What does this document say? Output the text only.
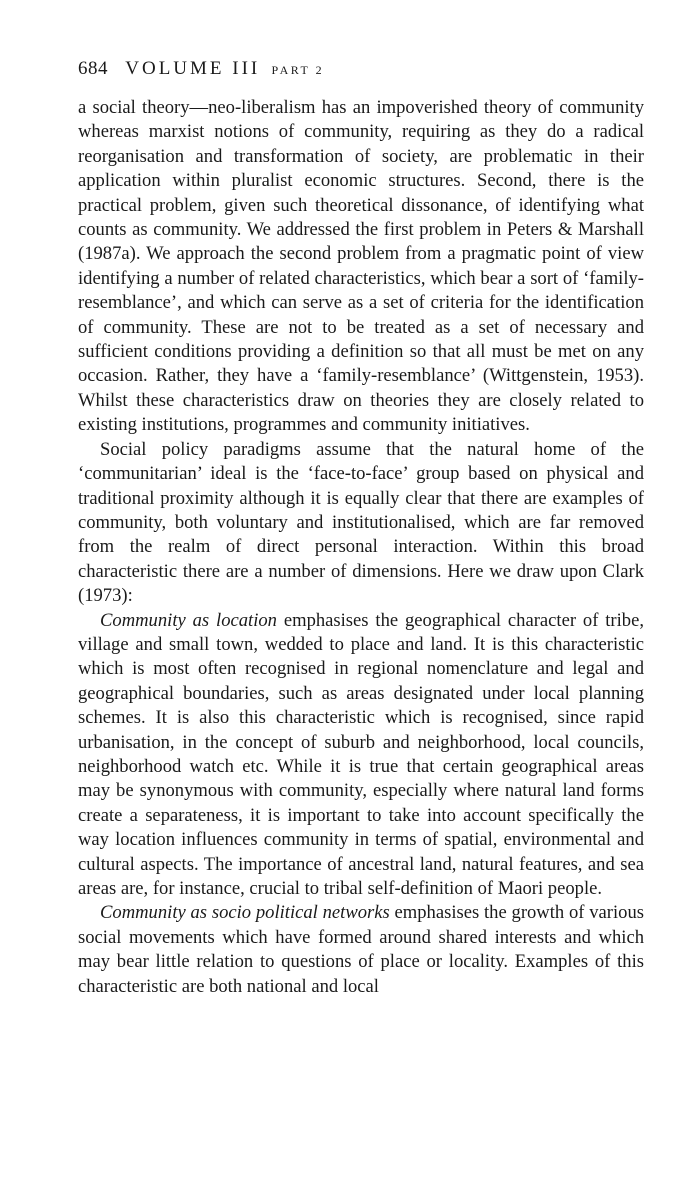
684 VOLUME III PART 2

a social theory—neo-liberalism has an impoverished theory of community whereas marxist notions of community, requiring as they do a radical reorganisation and transformation of society, are problematic in their application within pluralist economic structures. Second, there is the practical problem, given such theoretical dissonance, of identifying what counts as community. We addressed the first problem in Peters & Marshall (1987a). We approach the second problem from a pragmatic point of view identifying a number of related characteristics, which bear a sort of ‘family-resemblance’, and which can serve as a set of criteria for the identification of community. These are not to be treated as a set of necessary and sufficient conditions providing a definition so that all must be met on any occasion. Rather, they have a ‘family-resemblance’ (Wittgenstein, 1953). Whilst these characteristics draw on theories they are closely related to existing institutions, programmes and community initiatives.

Social policy paradigms assume that the natural home of the ‘communitarian’ ideal is the ‘face-to-face’ group based on physical and traditional proximity although it is equally clear that there are examples of community, both voluntary and institutionalised, which are far removed from the realm of direct personal interaction. Within this broad characteristic there are a number of dimensions. Here we draw upon Clark (1973):

Community as location emphasises the geographical character of tribe, village and small town, wedded to place and land. It is this characteristic which is most often recognised in regional nomenclature and legal and geographical boundaries, such as areas designated under local planning schemes. It is also this characteristic which is recognised, since rapid urbanisation, in the concept of suburb and neighborhood, local councils, neighborhood watch etc. While it is true that certain geographical areas may be synonymous with community, especially where natural land forms create a separateness, it is important to take into account specifically the way location influences community in terms of spatial, environmental and cultural aspects. The importance of ancestral land, natural features, and sea areas are, for instance, crucial to tribal self-definition of Maori people.

Community as socio political networks emphasises the growth of various social movements which have formed around shared interests and which may bear little relation to questions of place or locality. Examples of this characteristic are both national and local
